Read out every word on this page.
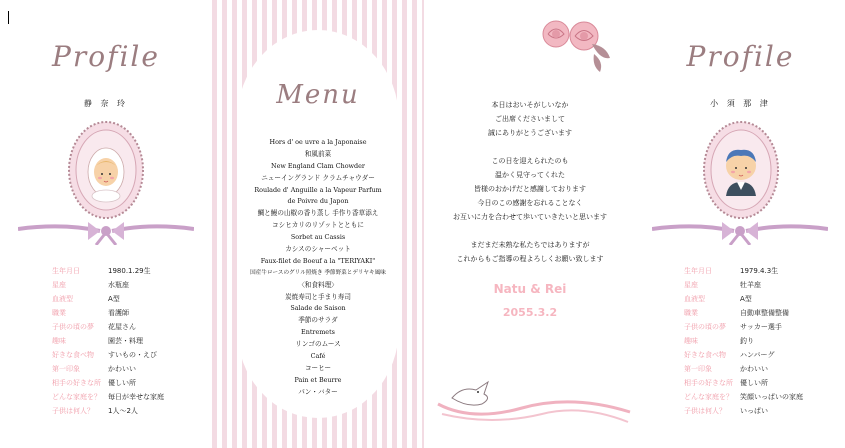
Profile
静 奈 玲
生年月日	1980.1.29生
星座	水瓶座
血液型	A型
職業	看護師
子供の頃の夢	花屋さん
趣味	園芸・料理
好きな食べ物	すいもの・えび
第一印象	かわいい
相手の好きな所	優しい所
どんな家庭を？	毎日が幸せな家庭
子供は何人？	1人～2人
Menu
Hors d' oe uvre a la Japonaise
和風前菜
New England Clam Chowder
ニューイングランド クラムチャウダー
Roulade d' Anguille a la Vapeur Parfum de Poivre du Japon
鯛と鰻の山椒の香り蒸し 手作り香草添え
コシヒカリのリゾットとともに
Sorbet au Cassis
カシスのシャーベット
Faux-filet de Boeuf a la "TERIYAKI"
国産牛ロースのグリル照焼き 季節野菜とデリヤキ風味
〈和食料理〉
炭焼寿司と手まり寿司
Salade de Saison
季節のサラダ
Entremets
リンゴのムース
Café
コーヒー
Pain et Beurre
パン・バター
本日はおいそがしいなか
ご出席くださいまして
誠にありがとうございます
この日を迎えられたのも
温かく見守ってくれた
皆様のおかげだと感謝しております
今日のこの感謝を忘れることなく
お互いに力を合わせて歩いていきたいと思います
まだまだ未熟な私たちではありますが
これからもご指導の程よろしくお願い致します
Natu & Rei
2055.3.2
Profile
小 須 那 津
生年月日	1979.4.3生
星座	牡羊座
血液型	A型
職業	自動車整備整備
子供の頃の夢	サッカー選手
趣味	釣り
好きな食べ物	ハンバーグ
第一印象	かわいい
相手の好きな所	優しい所
どんな家庭を？	笑顔いっぱいの家庭
子供は何人？	いっぱい
